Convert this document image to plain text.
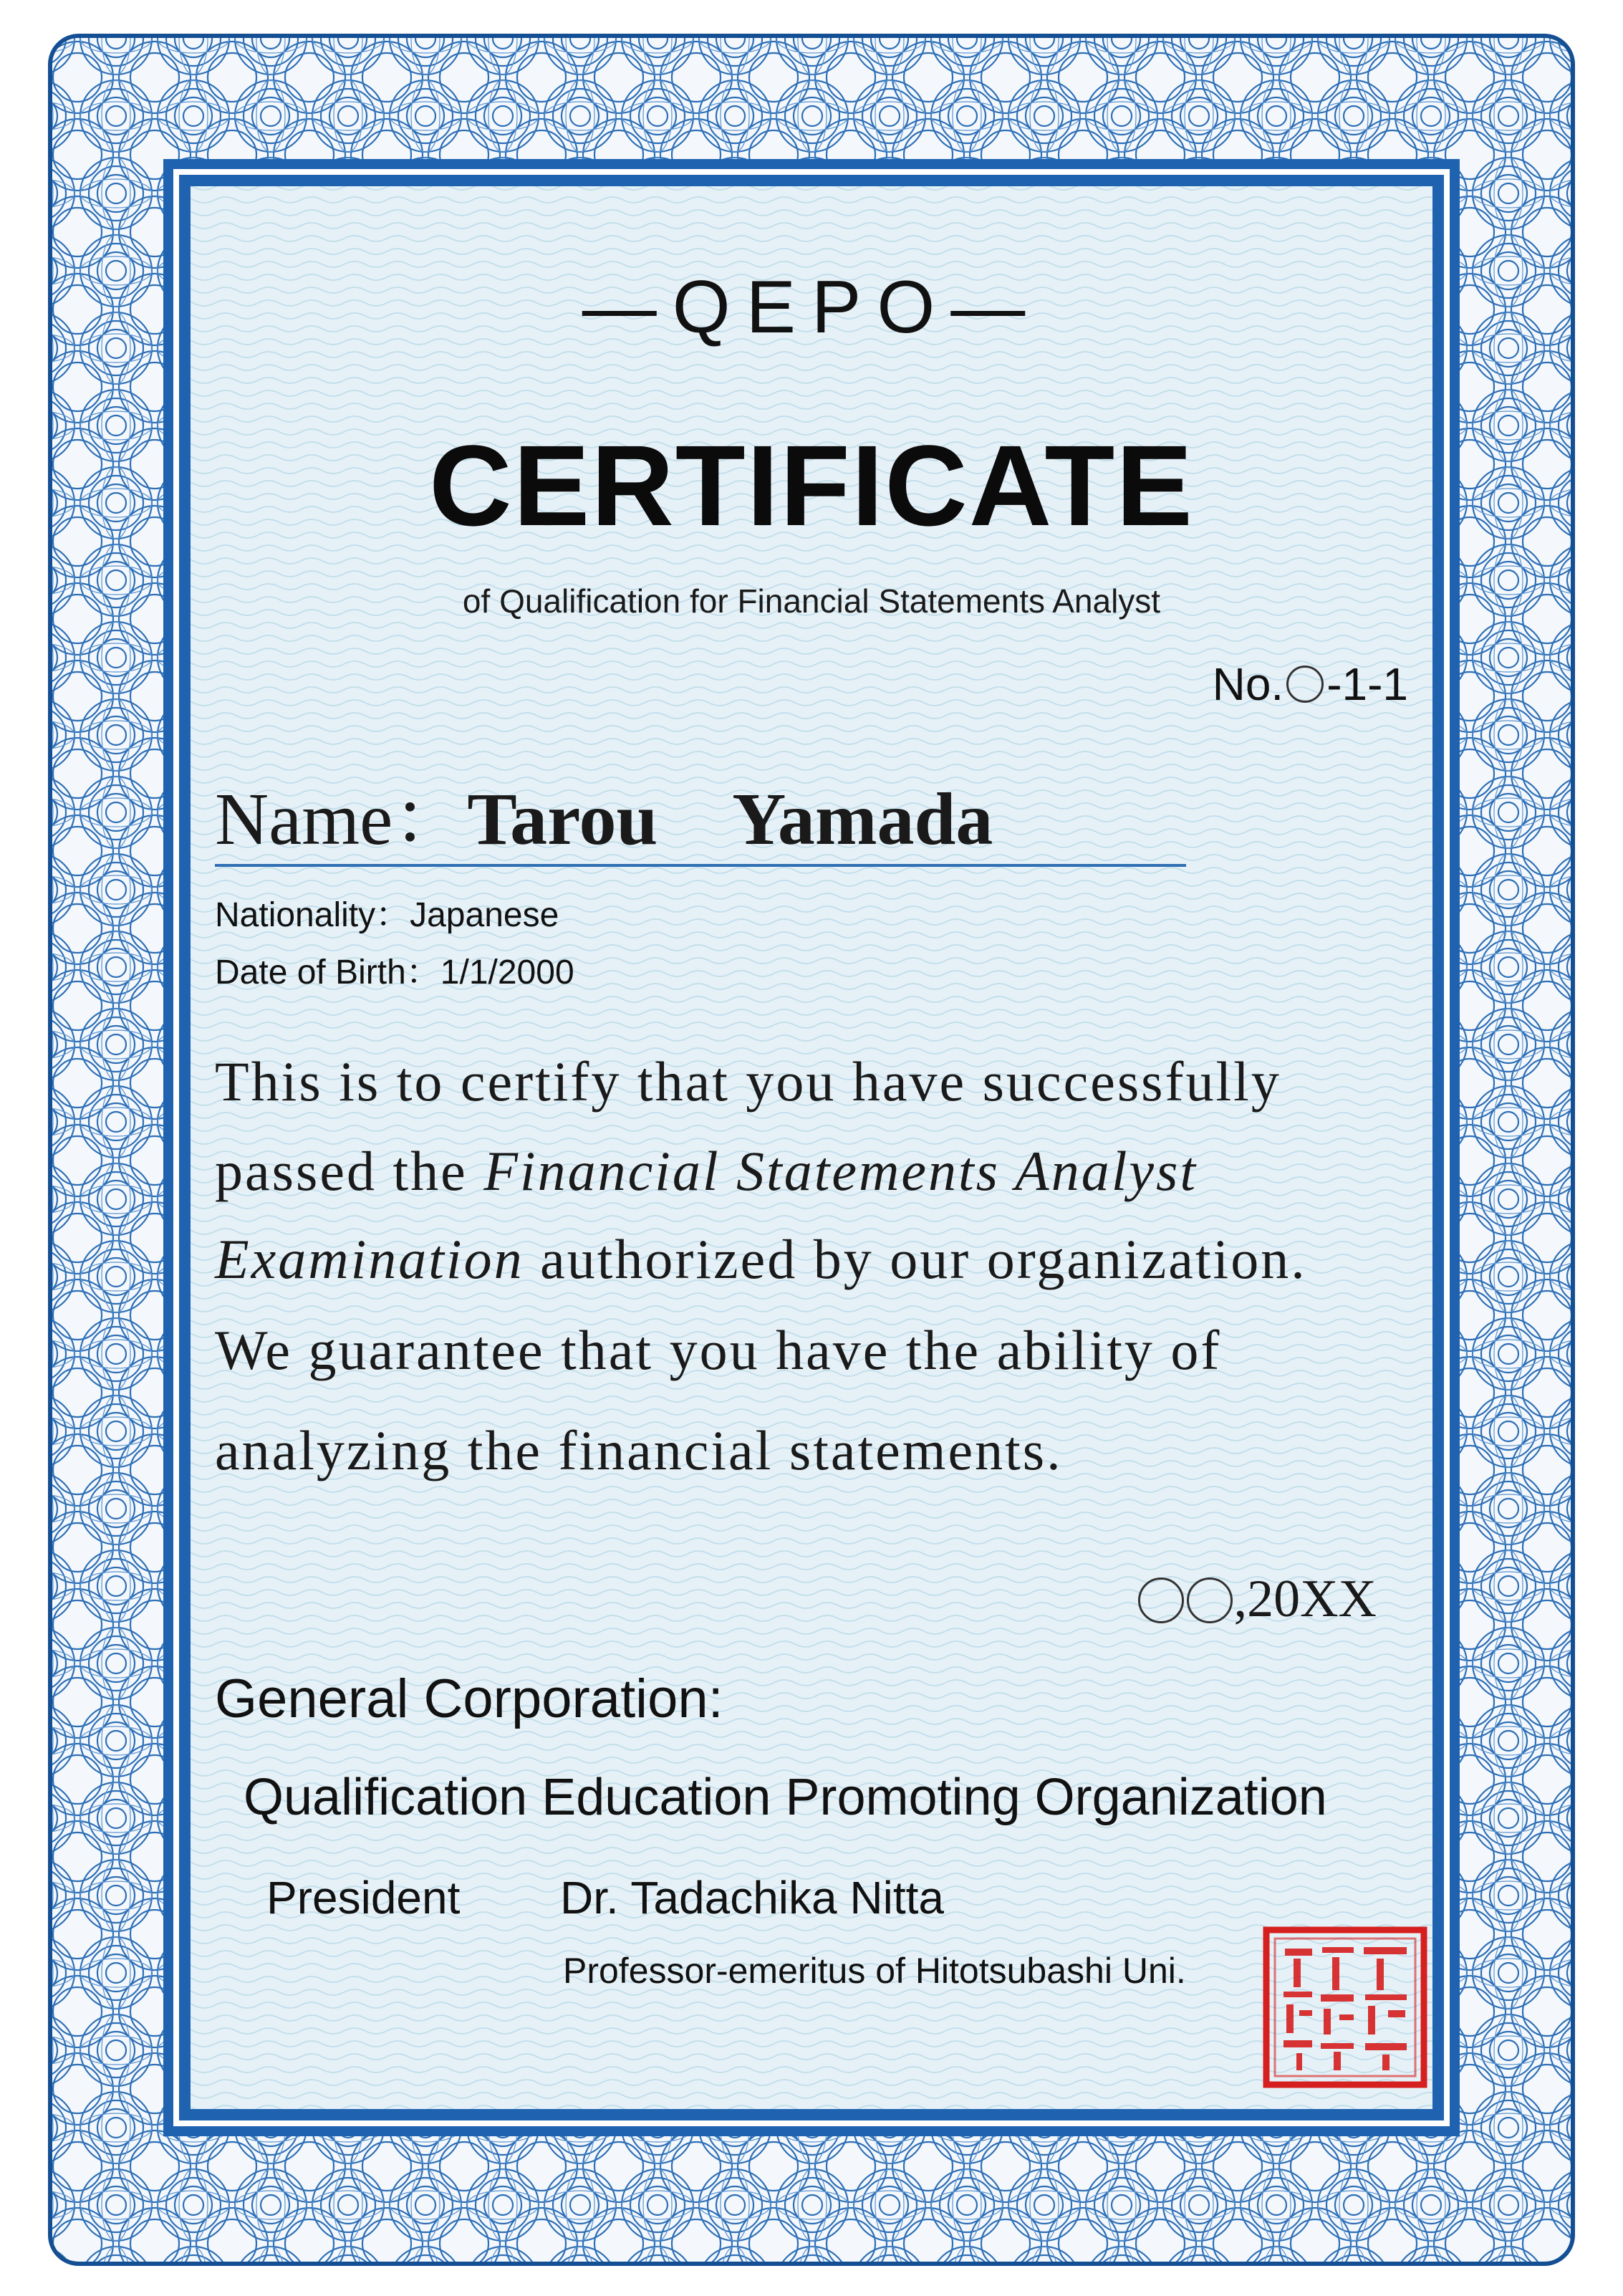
—QEPO—
CERTIFICATE
of Qualification for Financial Statements Analyst
No. -1-1
Name：Tarou　Yamada
Nationality：Japanese
Date of Birth：1/1/2000
This is to certify that you have successfully
passed the Financial Statements Analyst
Examination authorized by our organization.
We guarantee that you have the ability of
analyzing the financial statements.
,20XX
General Corporation:
Qualification Education Promoting Organization
President Dr. Tadachika Nitta
Professor-emeritus of Hitotsubashi Uni.
